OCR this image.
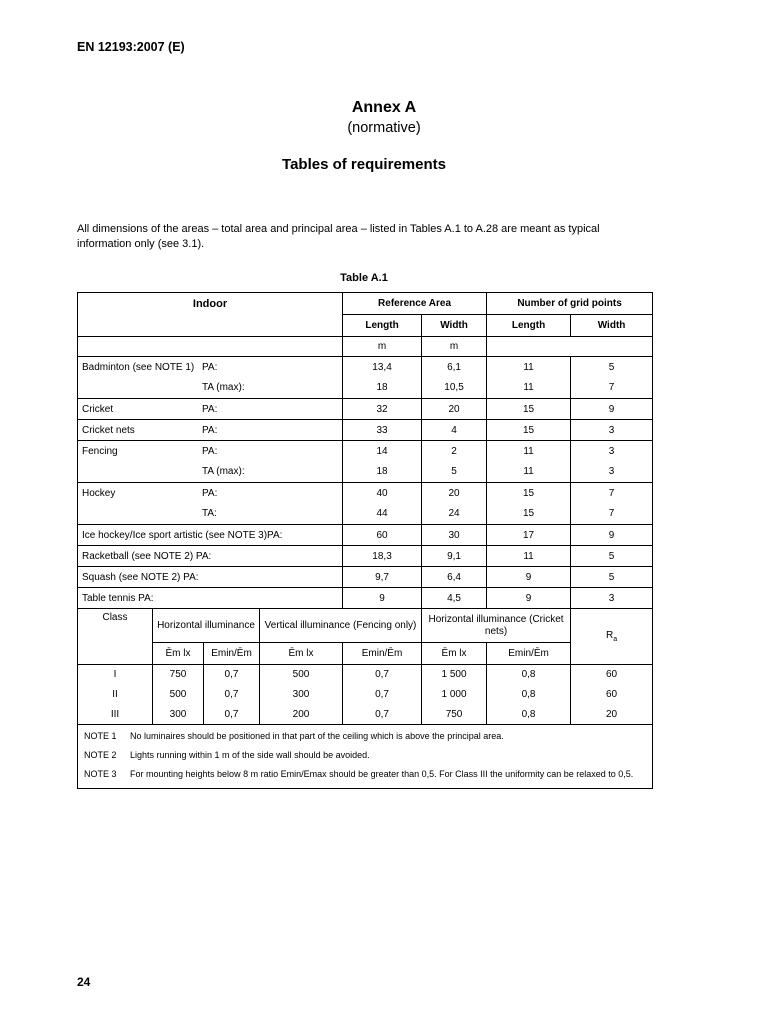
EN 12193:2007 (E)
Annex A
(normative)
Tables of requirements
All dimensions of the areas – total area and principal area – listed in Tables A.1 to A.28 are meant as typical information only (see 3.1).
Table A.1
Indoor				Reference Area		Number of grid points	
				Length	Width	Length	Width
				m	m		

Badminton (see NOTE 1) PA:				13,4	6,1	11	5

TA (max):				18	10,5	11	7

Cricket PA:				32	20	15	9

Cricket nets PA:				33	4	15	3

Fencing PA:				14	2	11	3

TA (max):				18	5	11	3

Hockey PA:				40	20	15	7

TA:				44	24	15	7

Ice hockey/Ice sport artistic (see NOTE 3)PA:				60	30	17	9

Racketball (see NOTE 2) PA:				18,3	9,1	11	5

Squash (see NOTE 2) PA:				9,7	6,4	9	5

Table tennis PA:				9	4,5	9	3
Class	Horizontal illuminance		Vertical illuminance (Fencing only)		Horizontal illuminance (Cricket nets)		$R_a$
	Ēm lx	Emin/Ēm	Ēm lx	Emin/Ēm	Ēm lx	Emin/Ēm	
I	750	0,7	500	0,7	1 500	0,8	60
II	500	0,7	300	0,7	1 000	0,8	60
III	300	0,7	200	0,7	750	0,8	20

NOTE 1 No luminaires should be positioned in that part of the ceiling which is above the principal area.
NOTE 2 Lights running within 1 m of the side wall should be avoided.
NOTE 3 For mounting heights below 8 m ratio Emin/Emax should be greater than 0,5. For Class III the uniformity can be relaxed to 0,5.							
24
